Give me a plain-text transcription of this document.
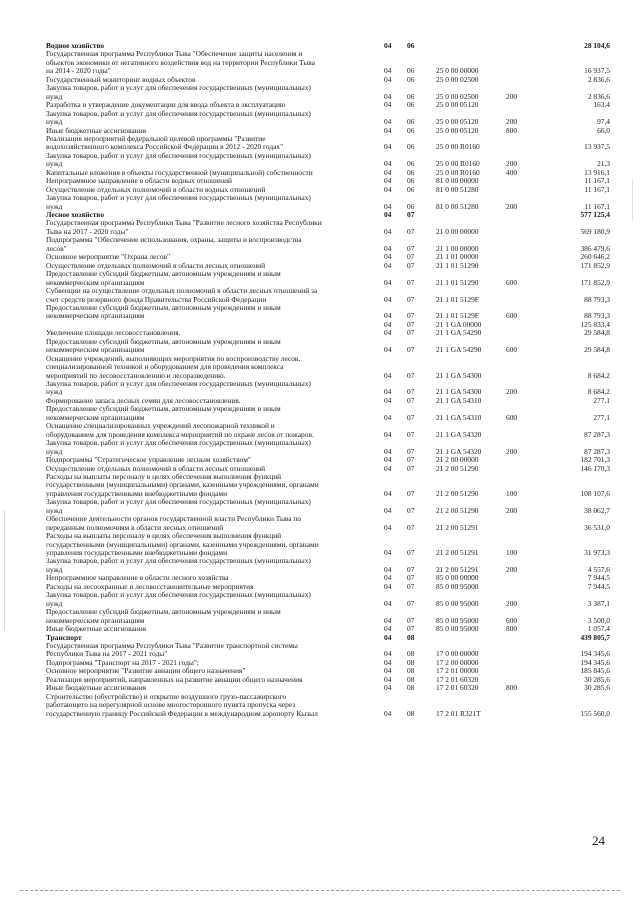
Водное хозяйство	04 06	28 104,6
Государственная программа Республики Тыва "Обеспечение защиты населения и
объектов экономики от негативного воздействия вод на территории Республики Тыва
на 2014 - 2020 годы"	04 06	25 0 00 00000	16 937,5
Государственный мониторинг водных объектов	04 06	25 0 00 02500	2 836,6
Закупка товаров, работ и услуг для обеспечения государственных (муниципальных)
нужд	04 06	25 0 00 02500	200	2 836,6
Разработка и утверждение документации для ввода объекта в эксплуатацию	04 06	25 0 00 05120	163,4
Закупка товаров, работ и услуг для обеспечения государственных (муниципальных)
нужд	04 06	25 0 00 05120	200	97,4
Иные бюджетные ассигнования	04 06	25 0 00 05120	800	66,0
Реализация мероприятий федеральной целевой программы "Развитие
водохозяйственного комплекса Российской Федерации в 2012 - 2020 годах"	04 06	25 0 00 R0160	13 937,5
Закупка товаров, работ и услуг для обеспечения государственных (муниципальных)
нужд	04 06	25 0 00 R0160	200	21,3
Капитальные вложения в объекты государственной (муниципальной) собственности	04 06	25 0 00 R0160	400	13 916,1
Непрограммное направление в области водных отношений	04 06	81 0 00 00000	11 167,1
Осуществление отдельных полномочий в области водных отношений	04 06	81 0 00 51280	11 167,1
Закупка товаров, работ и услуг для обеспечения государственных (муниципальных)
нужд	04 06	81 0 00 51280	200	11 167,1
Лесное хозяйство	04 07	577 125,4
Государственная программа Республики Тыва "Развитие лесного хозяйства Республики
Тыва на 2017 - 2020 годы"	04 07	21 0 00 00000	569 180,9
Подпрограмма "Обеспечение использования, охраны, защиты и воспроизводства
лесов"	04 07	21 1 00 00000	386 479,6
Основное мероприятие "Охрана лесов"	04 07	21 1 01 00000	260 646,2
Осуществление отдельных полномочий в области лесных отношений	04 07	21 1 01 51290	171 852,9
Предоставление субсидий бюджетным, автономным учреждениям и иным
некоммерческим организациям	04 07	21 1 01 51290	600	171 852,9
Субвенции на осуществление отдельных полномочий в области лесных отношений за
счет средств резервного фонда Правительства Российской Федерации	04 07	21 1 01 5129F	88 793,3
Предоставление субсидий бюджетным, автономным учреждениям и иным
некоммерческим организациям	04 07	21 1 01 5129F	600	88 793,3
04 07	21 1 GA 00000	125 833,4
Увеличение площади лесовосстановления.	04 07	21 1 GA 54290	29 584,8
Предоставление субсидий бюджетным, автономным учреждениям и иным
некоммерческим организациям	04 07	21 1 GA 54290	600	29 584,8
Оснащение учреждений, выполняющих мероприятия по воспроизводству лесов,
специализированной техникой и оборудованием для проведения комплекса
мероприятий по лесовосстановлению и лесоразведению.	04 07	21 1 GA 54300	8 684,2
Закупка товаров, работ и услуг для обеспечения государственных (муниципальных)
нужд	04 07	21 1 GA 54300	200	8 684,2
Формирование запаса лесных семян для лесовосстановления.	04 07	21 1 GA 54310	277,1
Предоставление субсидий бюджетным, автономным учреждениям и иным
некоммерческим организациям	04 07	21 1 GA 54310	600	277,1
Оснащение специализированных учреждений лесопожарной техникой и
оборудованием для проведения комплекса мероприятий по охране лесов от пожаров.	04 07	21 1 GA 54320	87 287,3
Закупка товаров, работ и услуг для обеспечения государственных (муниципальных)
нужд	04 07	21 1 GA 54320	200	87 287,3
Подпрограмма "Стратегическое управление лесным хозяйством"	04 07	21 2 00 00000	182 701,3
Осуществление отдельных полномочий в области лесных отношений	04 07	21 2 00 51290	146 170,3
Расходы на выплаты персоналу в целях обеспечения выполнения функций
государственными (муниципальными) органами, казенными учреждениями, органами
управления государственными внебюджетными фондами	04 07	21 2 00 51290	100	108 107,6
Закупка товаров, работ и услуг для обеспечения государственных (муниципальных)
нужд	04 07	21 2 00 51290	200	38 062,7
Обеспечение деятельности органов государственной власти Республики Тыва по
переданным полномочиям в области лесных отношений	04 07	21 2 00 51291	36 531,0
Расходы на выплаты персоналу в целях обеспечения выполнения функций
государственными (муниципальными) органами, казенными учреждениями, органами
управления государственными внебюджетными фондами	04 07	21 2 00 51291	100	31 973,3
Закупка товаров, работ и услуг для обеспечения государственных (муниципальных)
нужд	04 07	21 2 00 51291	200	4 557,6
Непрограммное направление в области лесного хозяйства	04 07	85 0 00 00000	7 944,5
Расходы на лесоохранные и лесовосстановительные мероприятия	04 07	85 0 00 95000	7 944,5
Закупка товаров, работ и услуг для обеспечения государственных (муниципальных)
нужд	04 07	85 0 00 95000	200	3 387,1
Предоставление субсидий бюджетным, автономным учреждениям и иным
некоммерческим организациям	04 07	85 0 00 95000	600	3 500,0
Иные бюджетные ассигнования	04 07	85 0 00 95000	800	1 057,4
Транспорт	04 08	439 805,7
Государственная программа Республики Тыва "Развитие транспортной системы
Республики Тыва на 2017 - 2021 годы"	04 08	17 0 00 00000	194 345,6
Подпрограмма "Транспорт на 2017 - 2021 годы";	04 08	17 2 00 00000	194 345,6
Основное мероприятие "Развитие авиации общего назначения"	04 08	17 2 01 00000	185 845,6
Реализация мероприятий, направленных на развитие авиации общего назначения	04 08	17 2 01 60320	30 285,6
Иные бюджетные ассигнования	04 08	17 2 01 60320	800	30 285,6
Строительство (обустройство) и открытие воздушного грузо-пассажирского
работающего на нерегулярной основе многосторонного пункта пропуска через
государственную границу Российской Федерации в международном аэропорту Кызыл	04 08	17 2 01 R321T	155 560,0
24
